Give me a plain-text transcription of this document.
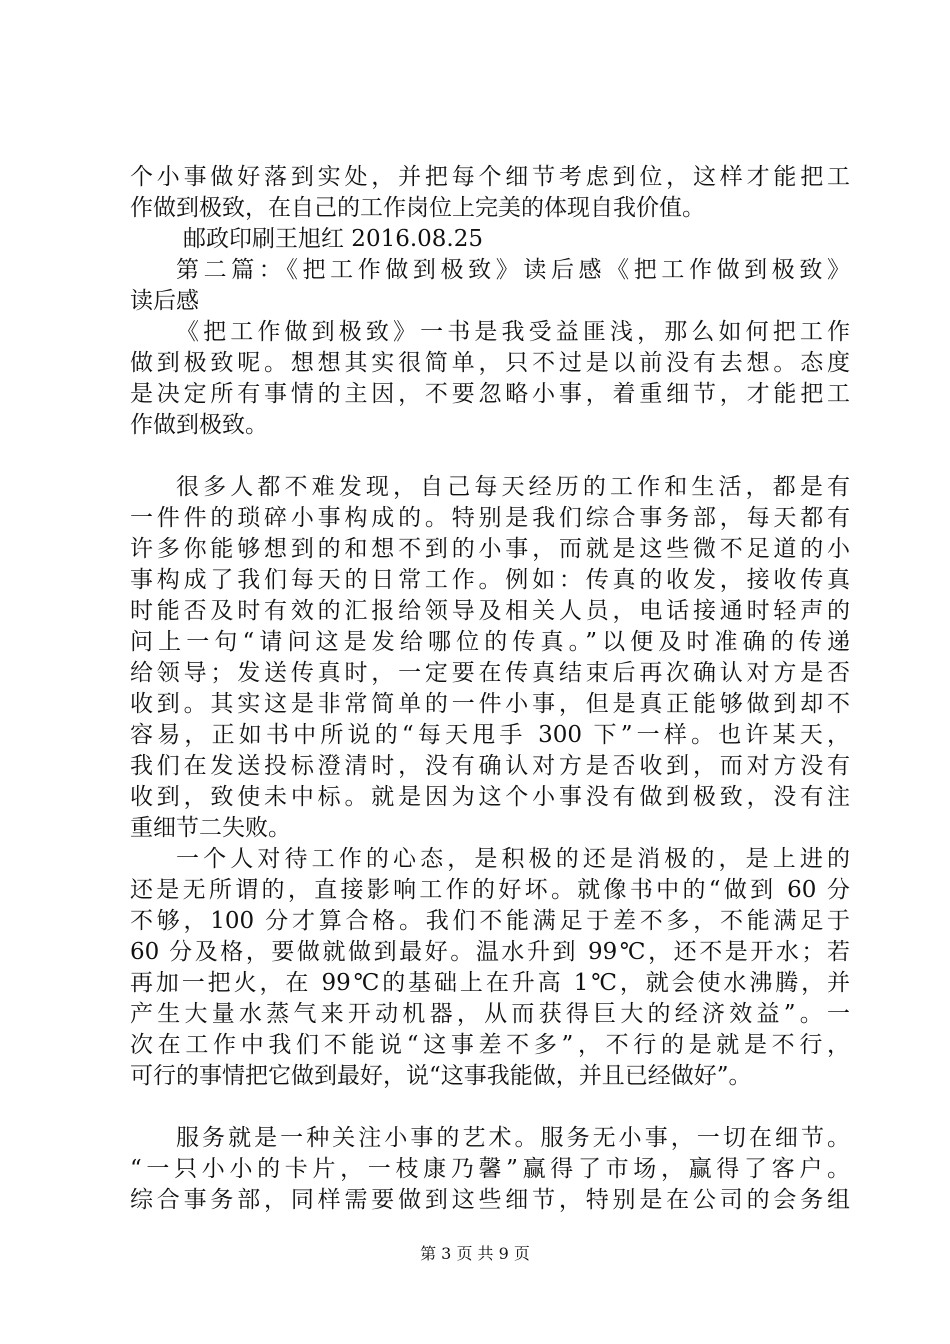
个小事做好落到实处，并把每个细节考虑到位，这样才能把工
作做到极致，在自己的工作岗位上完美的体现自我价值。
邮政印刷王旭红 2016.08.25
第二篇：《把工作做到极致》读后感《把工作做到极致》
读后感
《把工作做到极致》一书是我受益匪浅，那么如何把工作
做到极致呢。想想其实很简单，只不过是以前没有去想。态度
是决定所有事情的主因，不要忽略小事，着重细节，才能把工
作做到极致。
很多人都不难发现，自己每天经历的工作和生活，都是有
一件件的琐碎小事构成的。特别是我们综合事务部，每天都有
许多你能够想到的和想不到的小事，而就是这些微不足道的小
事构成了我们每天的日常工作。例如：传真的收发，接收传真
时能否及时有效的汇报给领导及相关人员，电话接通时轻声的
问上一句“请问这是发给哪位的传真。”以便及时准确的传递
给领导；发送传真时，一定要在传真结束后再次确认对方是否
收到。其实这是非常简单的一件小事，但是真正能够做到却不
容易，正如书中所说的“每天甩手 300 下”一样。也许某天，
我们在发送投标澄清时，没有确认对方是否收到，而对方没有
收到，致使未中标。就是因为这个小事没有做到极致，没有注
重细节二失败。
一个人对待工作的心态，是积极的还是消极的，是上进的
还是无所谓的，直接影响工作的好坏。就像书中的“做到 60 分
不够，100 分才算合格。我们不能满足于差不多，不能满足于
60 分及格，要做就做到最好。温水升到 99℃，还不是开水；若
再加一把火，在 99℃的基础上在升高 1℃，就会使水沸腾，并
产生大量水蒸气来开动机器，从而获得巨大的经济效益”。一
次在工作中我们不能说“这事差不多”，不行的是就是不行，
可行的事情把它做到最好，说“这事我能做，并且已经做好”。
服务就是一种关注小事的艺术。服务无小事，一切在细节。
“一只小小的卡片，一枝康乃馨”赢得了市场，赢得了客户。
综合事务部，同样需要做到这些细节，特别是在公司的会务组
第 3 页 共 9 页
